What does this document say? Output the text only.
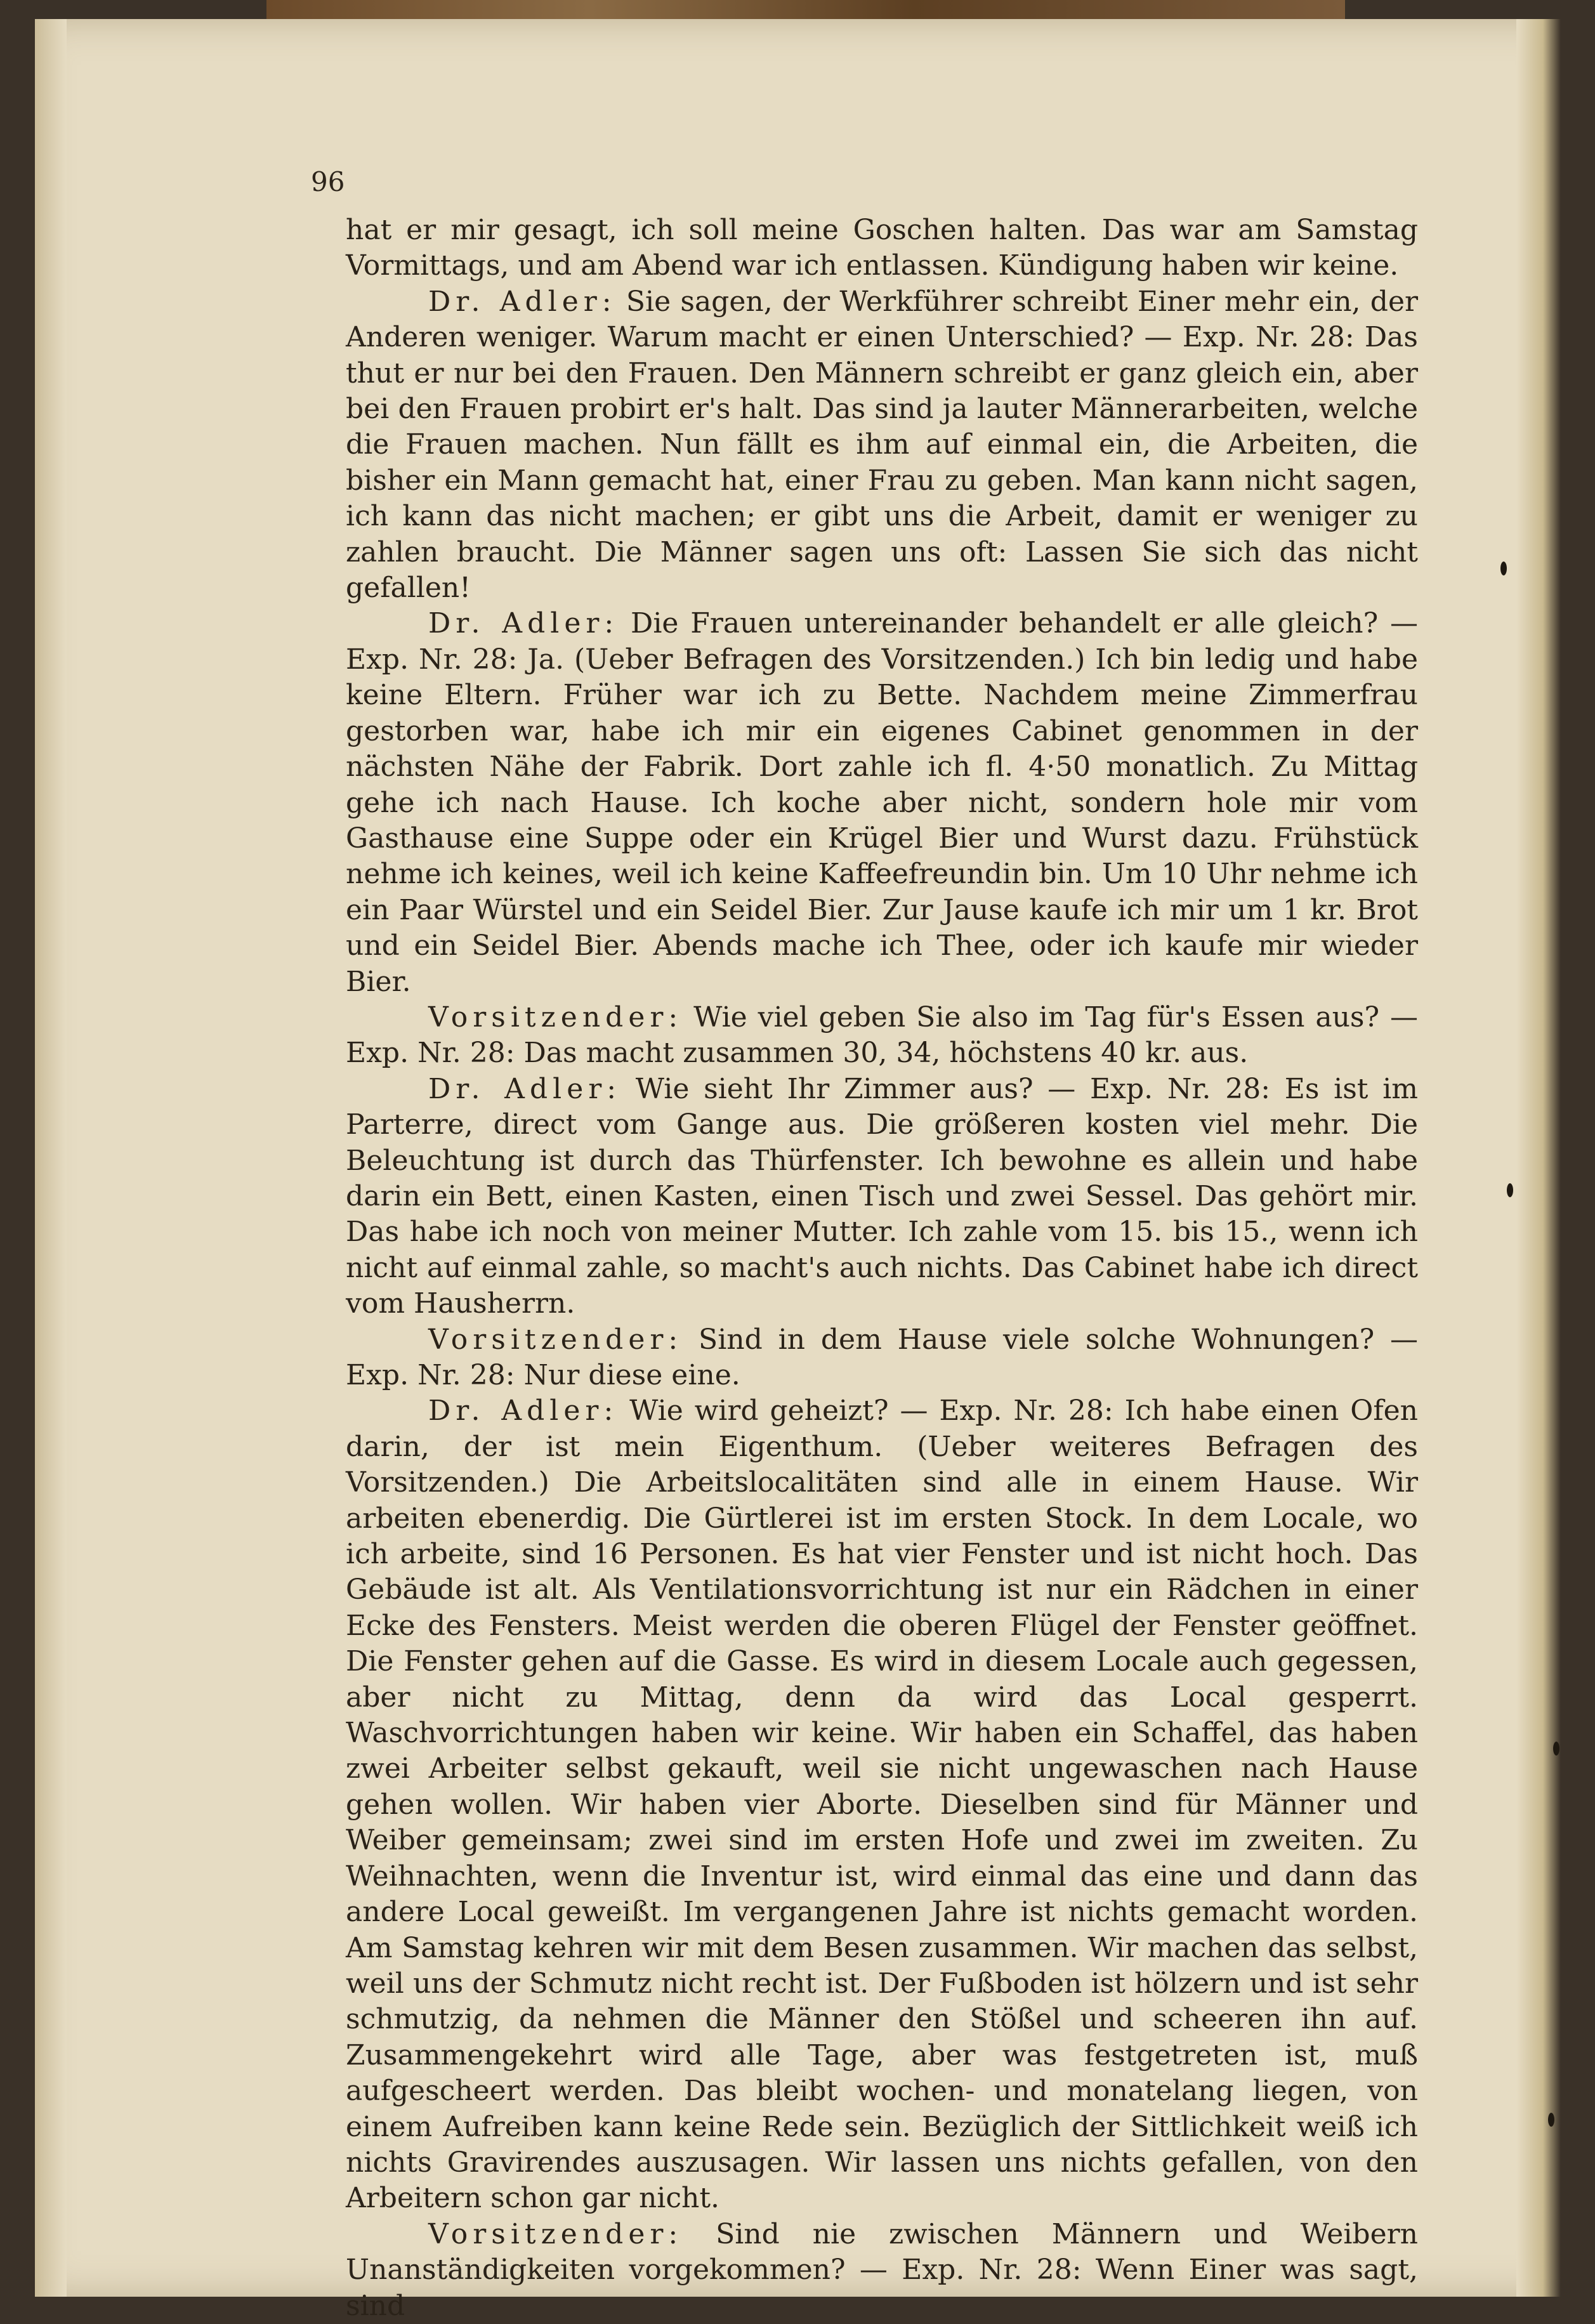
96

hat er mir gesagt, ich soll meine Goschen halten. Das war am Samstag Vormittags, und am Abend war ich entlassen. Kündigung haben wir keine.

Dr. Adler: Sie sagen, der Werkführer schreibt Einer mehr ein, der Anderen weniger. Warum macht er einen Unterschied? — Exp. Nr. 28: Das thut er nur bei den Frauen. Den Männern schreibt er ganz gleich ein, aber bei den Frauen probirt er's halt. Das sind ja lauter Männerarbeiten, welche die Frauen machen. Nun fällt es ihm auf einmal ein, die Arbeiten, die bisher ein Mann gemacht hat, einer Frau zu geben. Man kann nicht sagen, ich kann das nicht machen; er gibt uns die Arbeit, damit er weniger zu zahlen braucht. Die Männer sagen uns oft: Lassen Sie sich das nicht gefallen!

Dr. Adler: Die Frauen untereinander behandelt er alle gleich? — Exp. Nr. 28: Ja. (Ueber Befragen des Vorsitzenden.) Ich bin ledig und habe keine Eltern. Früher war ich zu Bette. Nachdem meine Zimmerfrau gestorben war, habe ich mir ein eigenes Cabinet genommen in der nächsten Nähe der Fabrik. Dort zahle ich fl. 4·50 monatlich. Zu Mittag gehe ich nach Hause. Ich koche aber nicht, sondern hole mir vom Gasthause eine Suppe oder ein Krügel Bier und Wurst dazu. Frühstück nehme ich keines, weil ich keine Kaffeefreundin bin. Um 10 Uhr nehme ich ein Paar Würstel und ein Seidel Bier. Zur Jause kaufe ich mir um 1 kr. Brot und ein Seidel Bier. Abends mache ich Thee, oder ich kaufe mir wieder Bier.

Vorsitzender: Wie viel geben Sie also im Tag für's Essen aus? — Exp. Nr. 28: Das macht zusammen 30, 34, höchstens 40 kr. aus.

Dr. Adler: Wie sieht Ihr Zimmer aus? — Exp. Nr. 28: Es ist im Parterre, direct vom Gange aus. Die größeren kosten viel mehr. Die Beleuchtung ist durch das Thürfenster. Ich bewohne es allein und habe darin ein Bett, einen Kasten, einen Tisch und zwei Sessel. Das gehört mir. Das habe ich noch von meiner Mutter. Ich zahle vom 15. bis 15., wenn ich nicht auf einmal zahle, so macht's auch nichts. Das Cabinet habe ich direct vom Hausherrn.

Vorsitzender: Sind in dem Hause viele solche Wohnungen? — Exp. Nr. 28: Nur diese eine.

Dr. Adler: Wie wird geheizt? — Exp. Nr. 28: Ich habe einen Ofen darin, der ist mein Eigenthum. (Ueber weiteres Befragen des Vorsitzenden.) Die Arbeitslocalitäten sind alle in einem Hause. Wir arbeiten ebenerdig. Die Gürtlerei ist im ersten Stock. In dem Locale, wo ich arbeite, sind 16 Personen. Es hat vier Fenster und ist nicht hoch. Das Gebäude ist alt. Als Ventilationsvorrichtung ist nur ein Rädchen in einer Ecke des Fensters. Meist werden die oberen Flügel der Fenster geöffnet. Die Fenster gehen auf die Gasse. Es wird in diesem Locale auch gegessen, aber nicht zu Mittag, denn da wird das Local gesperrt. Waschvorrichtungen haben wir keine. Wir haben ein Schaffel, das haben zwei Arbeiter selbst gekauft, weil sie nicht ungewaschen nach Hause gehen wollen. Wir haben vier Aborte. Dieselben sind für Männer und Weiber gemeinsam; zwei sind im ersten Hofe und zwei im zweiten. Zu Weihnachten, wenn die Inventur ist, wird einmal das eine und dann das andere Local geweißt. Im vergangenen Jahre ist nichts gemacht worden. Am Samstag kehren wir mit dem Besen zusammen. Wir machen das selbst, weil uns der Schmutz nicht recht ist. Der Fußboden ist hölzern und ist sehr schmutzig, da nehmen die Männer den Stößel und scheeren ihn auf. Zusammengekehrt wird alle Tage, aber was festgetreten ist, muß aufgescheert werden. Das bleibt wochen- und monatelang liegen, von einem Aufreiben kann keine Rede sein. Bezüglich der Sittlichkeit weiß ich nichts Gravirendes auszusagen. Wir lassen uns nichts gefallen, von den Arbeitern schon gar nicht.

Vorsitzender: Sind nie zwischen Männern und Weibern Unanständigkeiten vorgekommen? — Exp. Nr. 28: Wenn Einer was sagt, sind
